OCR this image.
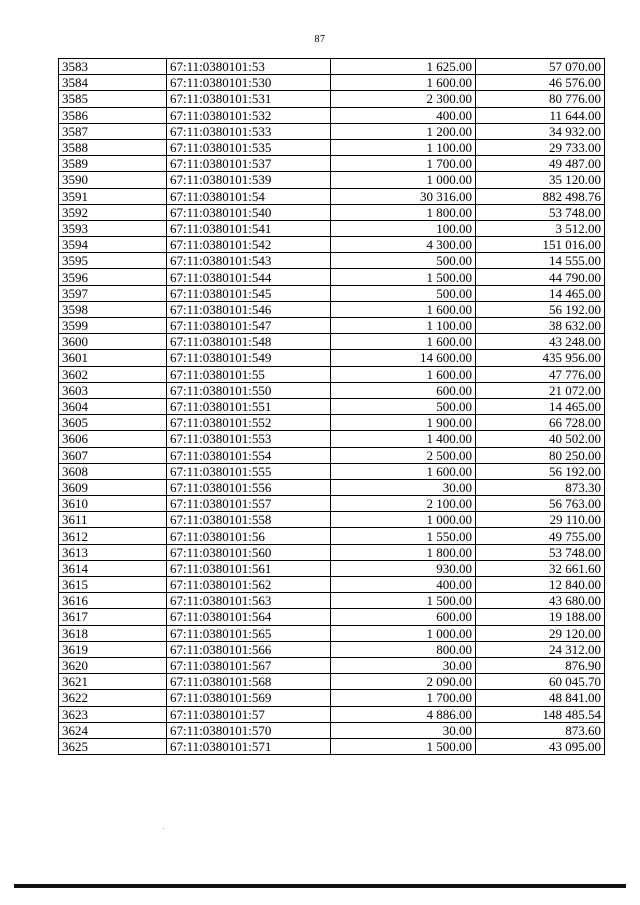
87
3583	67:11:0380101:53	1 625.00	57 070.00
3584	67:11:0380101:530	1 600.00	46 576.00
3585	67:11:0380101:531	2 300.00	80 776.00
3586	67:11:0380101:532	400.00	11 644.00
3587	67:11:0380101:533	1 200.00	34 932.00
3588	67:11:0380101:535	1 100.00	29 733.00
3589	67:11:0380101:537	1 700.00	49 487.00
3590	67:11:0380101:539	1 000.00	35 120.00
3591	67:11:0380101:54	30 316.00	882 498.76
3592	67:11:0380101:540	1 800.00	53 748.00
3593	67:11:0380101:541	100.00	3 512.00
3594	67:11:0380101:542	4 300.00	151 016.00
3595	67:11:0380101:543	500.00	14 555.00
3596	67:11:0380101:544	1 500.00	44 790.00
3597	67:11:0380101:545	500.00	14 465.00
3598	67:11:0380101:546	1 600.00	56 192.00
3599	67:11:0380101:547	1 100.00	38 632.00
3600	67:11:0380101:548	1 600.00	43 248.00
3601	67:11:0380101:549	14 600.00	435 956.00
3602	67:11:0380101:55	1 600.00	47 776.00
3603	67:11:0380101:550	600.00	21 072.00
3604	67:11:0380101:551	500.00	14 465.00
3605	67:11:0380101:552	1 900.00	66 728.00
3606	67:11:0380101:553	1 400.00	40 502.00
3607	67:11:0380101:554	2 500.00	80 250.00
3608	67:11:0380101:555	1 600.00	56 192.00
3609	67:11:0380101:556	30.00	873.30
3610	67:11:0380101:557	2 100.00	56 763.00
3611	67:11:0380101:558	1 000.00	29 110.00
3612	67:11:0380101:56	1 550.00	49 755.00
3613	67:11:0380101:560	1 800.00	53 748.00
3614	67:11:0380101:561	930.00	32 661.60
3615	67:11:0380101:562	400.00	12 840.00
3616	67:11:0380101:563	1 500.00	43 680.00
3617	67:11:0380101:564	600.00	19 188.00
3618	67:11:0380101:565	1 000.00	29 120.00
3619	67:11:0380101:566	800.00	24 312.00
3620	67:11:0380101:567	30.00	876.90
3621	67:11:0380101:568	2 090.00	60 045.70
3622	67:11:0380101:569	1 700.00	48 841.00
3623	67:11:0380101:57	4 886.00	148 485.54
3624	67:11:0380101:570	30.00	873.60
3625	67:11:0380101:571	1 500.00	43 095.00
